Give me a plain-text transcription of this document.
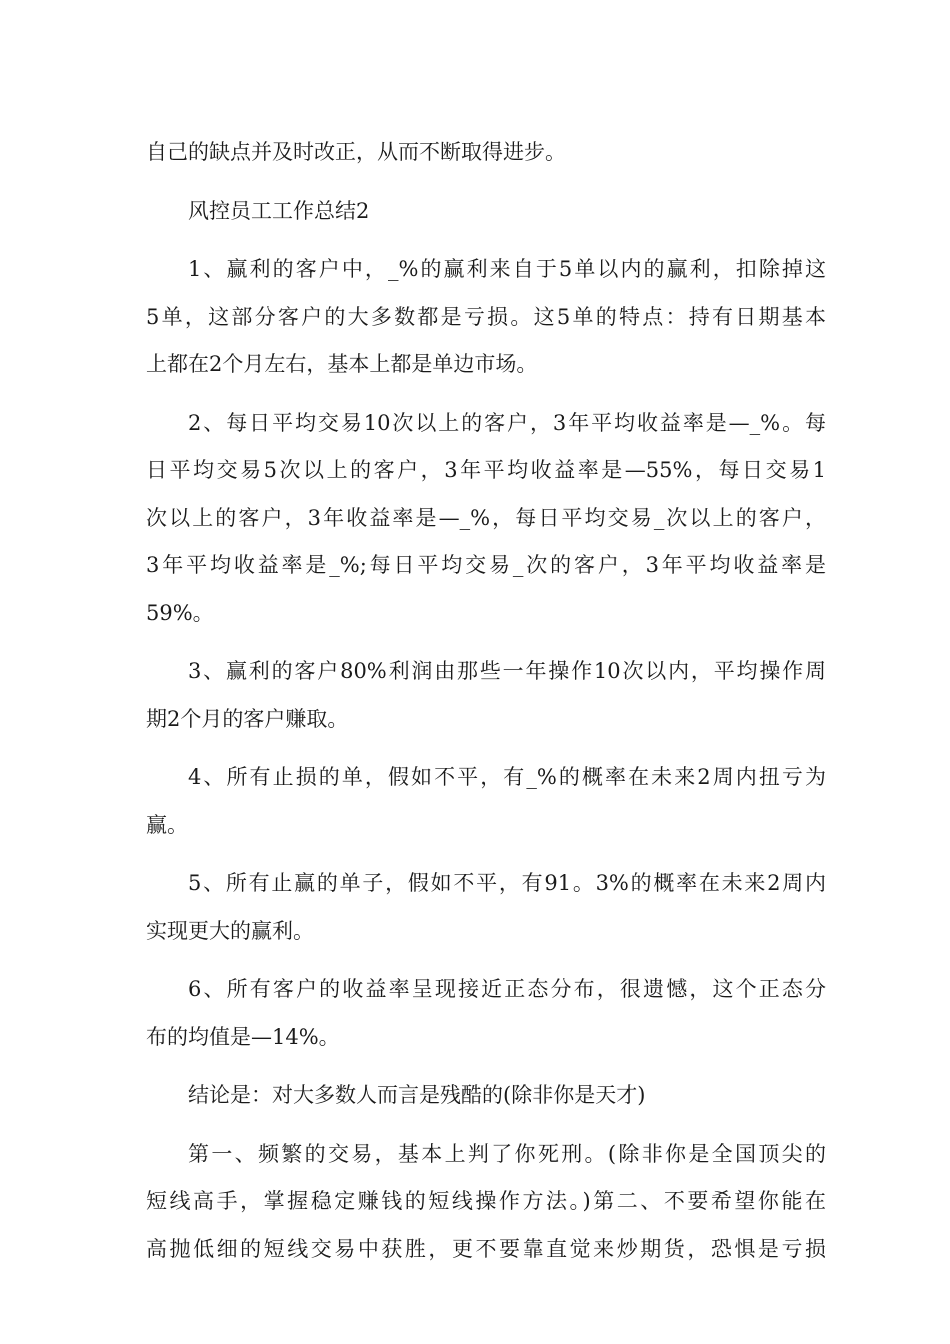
自己的缺点并及时改正，从而不断取得进步。
风控员工工作总结2
1、赢利的客户中，_%的赢利来自于5单以内的赢利，扣除掉这
5单，这部分客户的大多数都是亏损。这5单的特点：持有日期基本
上都在2个月左右，基本上都是单边市场。
2、每日平均交易10次以上的客户，3年平均收益率是—_%。每
日平均交易5次以上的客户，3年平均收益率是—55%，每日交易1
次以上的客户，3年收益率是—_%，每日平均交易_次以上的客户，
3年平均收益率是_%;每日平均交易_次的客户，3年平均收益率是
59%。
3、赢利的客户80%利润由那些一年操作10次以内，平均操作周
期2个月的客户赚取。
4、所有止损的单，假如不平，有_%的概率在未来2周内扭亏为
赢。
5、所有止赢的单子，假如不平，有91。3%的概率在未来2周内
实现更大的赢利。
6、所有客户的收益率呈现接近正态分布，很遗憾，这个正态分
布的均值是—14%。
结论是：对大多数人而言是残酷的(除非你是天才)
第一、频繁的交易，基本上判了你死刑。(除非你是全国顶尖的
短线高手，掌握稳定赚钱的短线操作方法。)第二、不要希望你能在
高抛低细的短线交易中获胜，更不要靠直觉来炒期货，恐惧是亏损
